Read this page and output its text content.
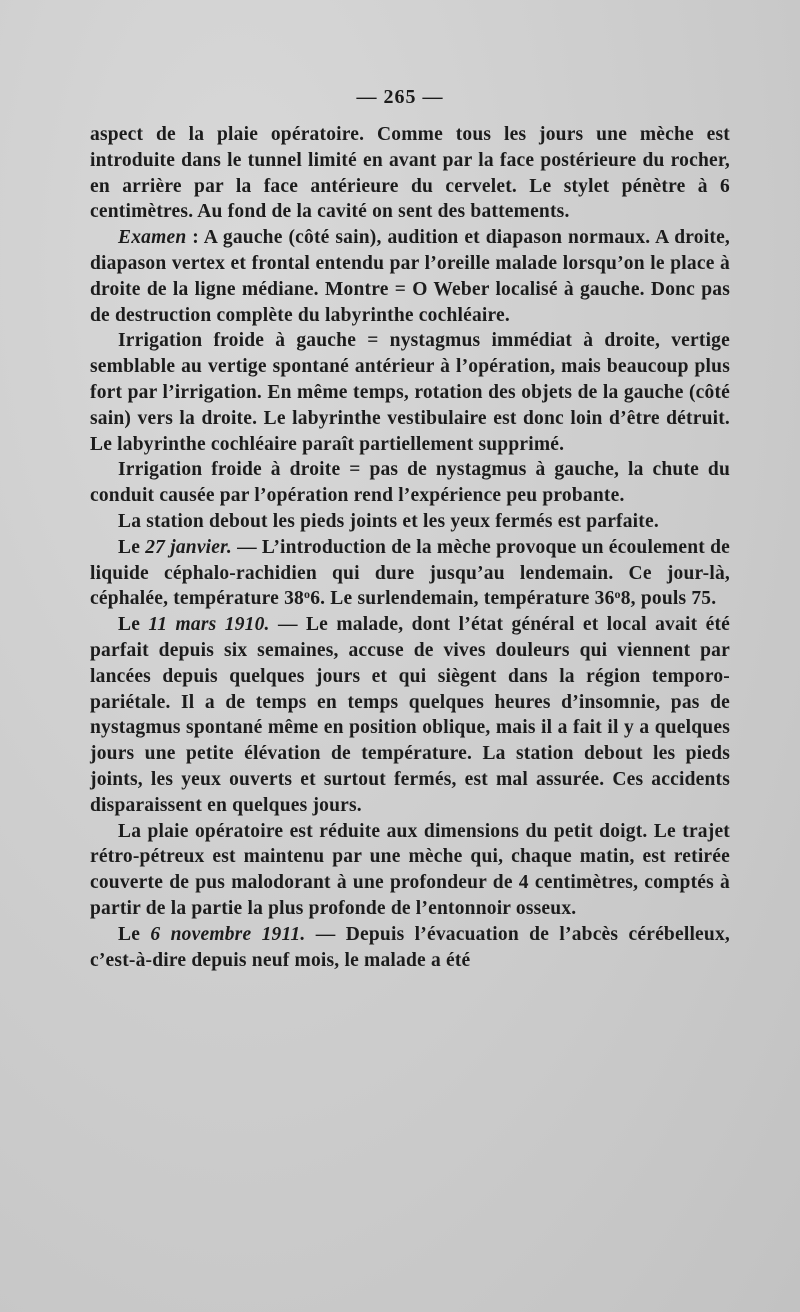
— 265 —

aspect de la plaie opératoire. Comme tous les jours une mèche est introduite dans le tunnel limité en avant par la face postérieure du rocher, en arrière par la face antérieure du cervelet. Le stylet pénètre à 6 centimètres. Au fond de la cavité on sent des battements.

Examen : A gauche (côté sain), audition et diapason normaux. A droite, diapason vertex et frontal entendu par l’oreille malade lorsqu’on le place à droite de la ligne médiane. Montre = O Weber localisé à gauche. Donc pas de destruction complète du labyrinthe cochléaire.

Irrigation froide à gauche = nystagmus immédiat à droite, vertige semblable au vertige spontané antérieur à l’opération, mais beaucoup plus fort par l’irrigation. En même temps, rotation des objets de la gauche (côté sain) vers la droite. Le labyrinthe vestibulaire est donc loin d’être détruit. Le labyrinthe cochléaire paraît partiellement supprimé.

Irrigation froide à droite = pas de nystagmus à gauche, la chute du conduit causée par l’opération rend l’expérience peu probante.

La station debout les pieds joints et les yeux fermés est parfaite.

Le 27 janvier. — L’introduction de la mèche provoque un écoulement de liquide céphalo-rachidien qui dure jusqu’au lendemain. Ce jour-là, céphalée, température 38$^o$6. Le surlendemain, température 36$^o$8, pouls 75.

Le 11 mars 1910. — Le malade, dont l’état général et local avait été parfait depuis six semaines, accuse de vives douleurs qui viennent par lancées depuis quelques jours et qui siègent dans la région temporo-pariétale. Il a de temps en temps quelques heures d’insomnie, pas de nystagmus spontané même en position oblique, mais il a fait il y a quelques jours une petite élévation de température. La station debout les pieds joints, les yeux ouverts et surtout fermés, est mal assurée. Ces accidents disparaissent en quelques jours.

La plaie opératoire est réduite aux dimensions du petit doigt. Le trajet rétro-pétreux est maintenu par une mèche qui, chaque matin, est retirée couverte de pus malodorant à une profondeur de 4 centimètres, comptés à partir de la partie la plus profonde de l’entonnoir osseux.

Le 6 novembre 1911. — Depuis l’évacuation de l’abcès cérébelleux, c’est-à-dire depuis neuf mois, le malade a été
